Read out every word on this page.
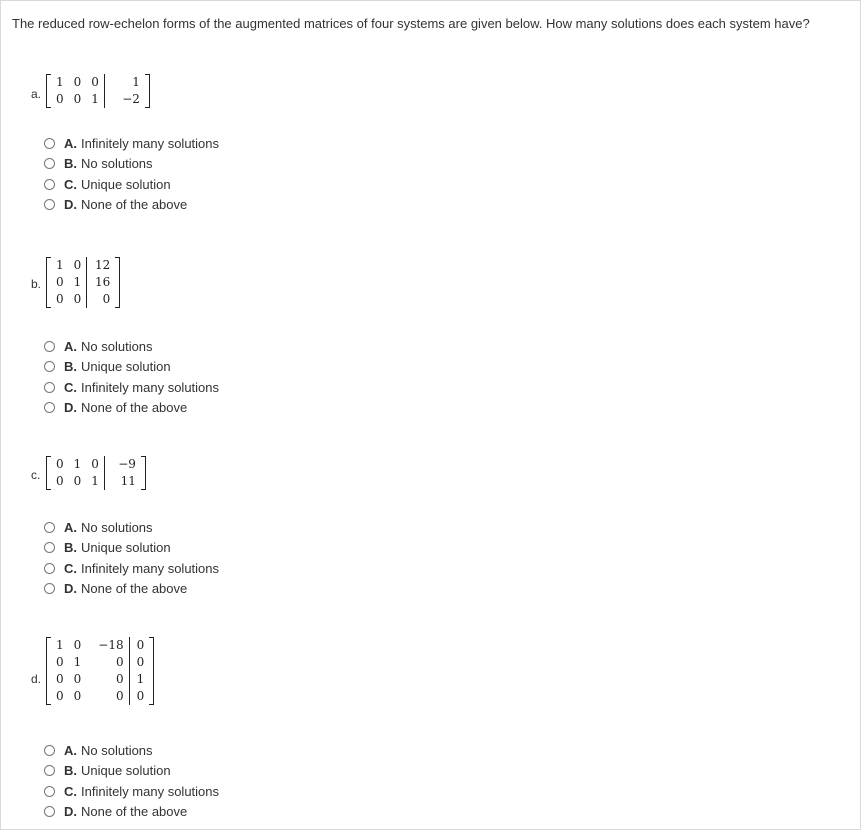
The reduced row-echelon forms of the augmented matrices of four systems are given below. How many solutions does each system have?
a.
1	0	0	1
0	0	1	−2
A. Infinitely many solutions
B. No solutions
C. Unique solution
D. None of the above
b.
1	0	12
0	1	16
0	0	0
A. No solutions
B. Unique solution
C. Infinitely many solutions
D. None of the above
c.
0	1	0	−9
0	0	1	11
A. No solutions
B. Unique solution
C. Infinitely many solutions
D. None of the above
d.
1	0	−18	0
0	1	0	0
0	0	0	1
0	0	0	0
A. No solutions
B. Unique solution
C. Infinitely many solutions
D. None of the above
